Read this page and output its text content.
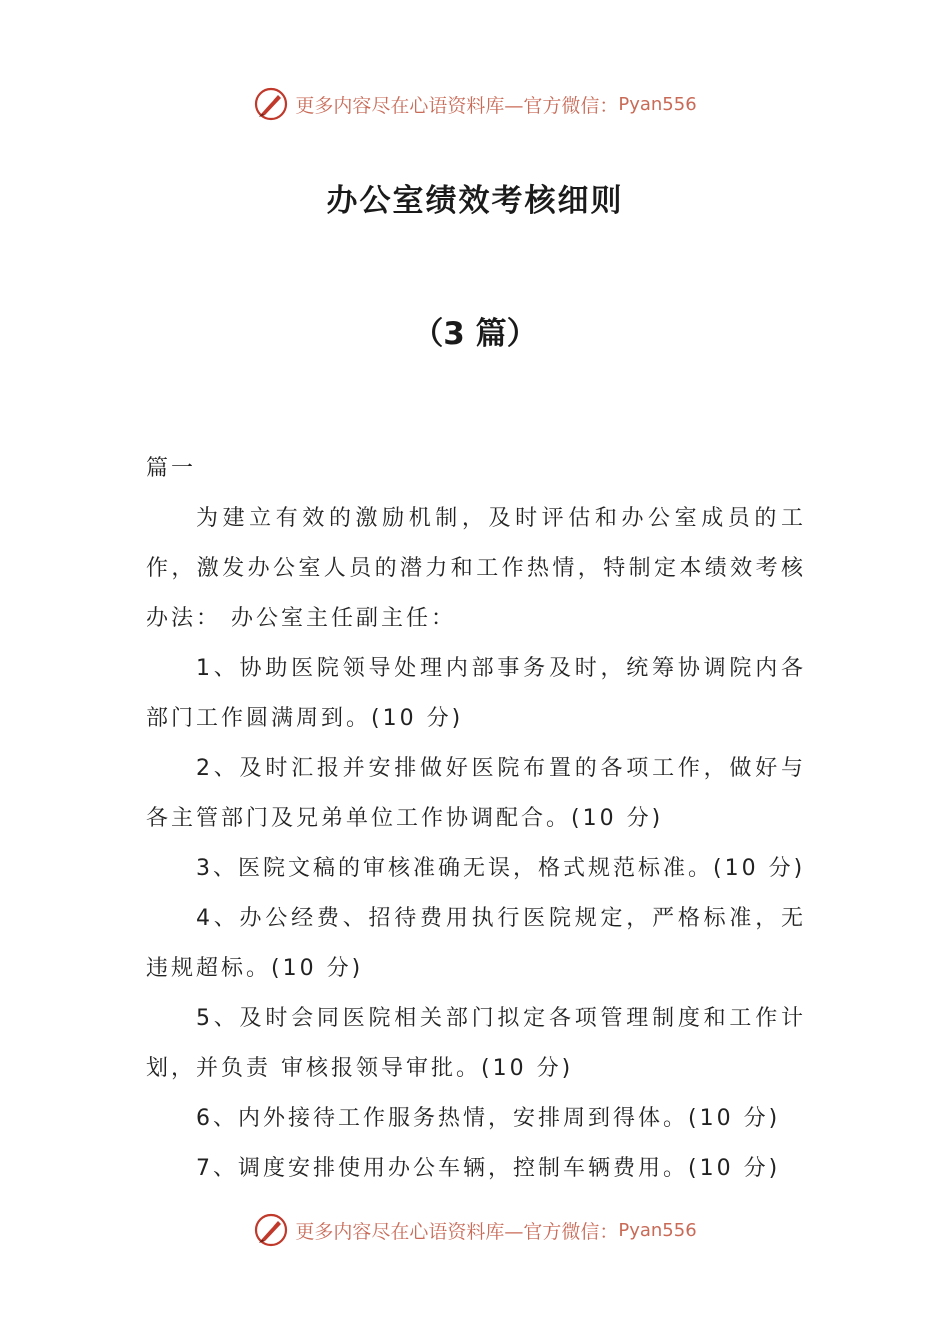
更多内容尽在心语资料库—官方微信： Pyan556
办公室绩效考核细则
（3 篇）

篇一

为建立有效的激励机制，及时评估和办公室成员的工作，激发办公室人员的潜力和工作热情，特制定本绩效考核办法： 办公室主任副主任：

1、协助医院领导处理内部事务及时，统筹协调院内各部门工作圆满周到。(10 分)

2、及时汇报并安排做好医院布置的各项工作，做好与各主管部门及兄弟单位工作协调配合。(10 分)

3、医院文稿的审核准确无误，格式规范标准。(10 分)

4、办公经费、招待费用执行医院规定，严格标准，无违规超标。(10 分)

5、及时会同医院相关部门拟定各项管理制度和工作计划，并负责 审核报领导审批。(10 分)

6、内外接待工作服务热情，安排周到得体。(10 分)

7、调度安排使用办公车辆，控制车辆费用。(10 分)

更多内容尽在心语资料库—官方微信： Pyan556
